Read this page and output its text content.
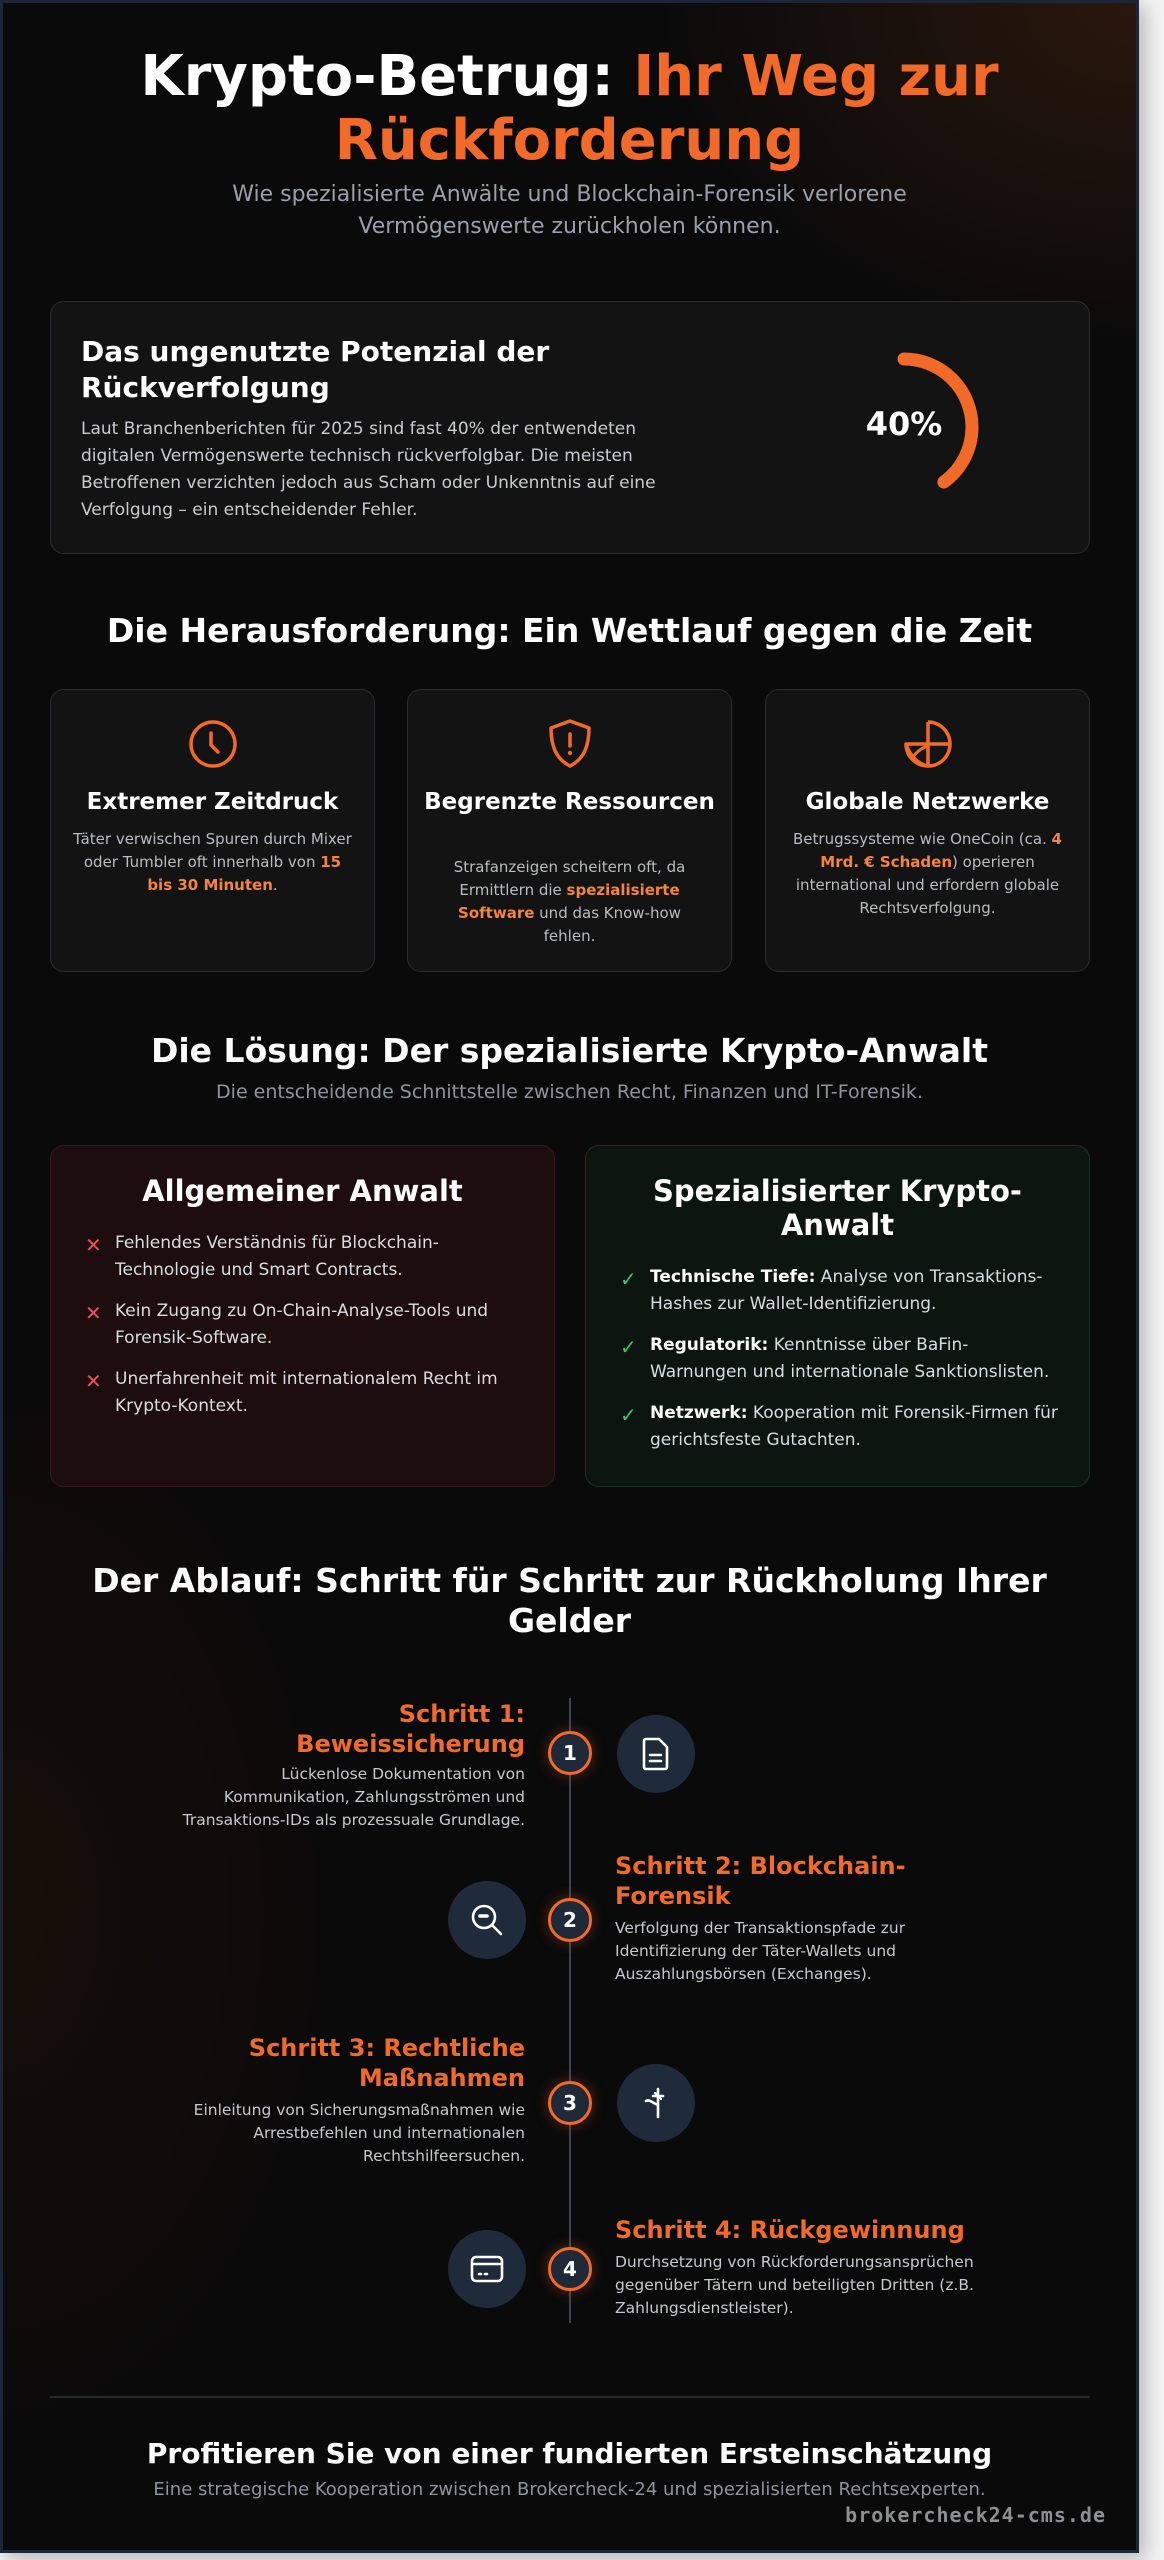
Krypto-Betrug: Ihr Weg zur
Rückforderung
Wie spezialisierte Anwälte und Blockchain-Forensik verlorene
Vermögenswerte zurückholen können.
Das ungenutzte Potenzial der Rückverfolgung
Laut Branchenberichten für 2025 sind fast 40% der entwendeten digitalen Vermögenswerte technisch rückverfolgbar. Die meisten Betroffenen verzichten jedoch aus Scham oder Unkenntnis auf eine Verfolgung – ein entscheidender Fehler.
40%
Die Herausforderung: Ein Wettlauf gegen die Zeit
Extremer Zeitdruck
Täter verwischen Spuren durch Mixer oder Tumbler oft innerhalb von 15 bis 30 Minuten.
Begrenzte Ressourcen
Strafanzeigen scheitern oft, da Ermittlern die spezialisierte Software und das Know-how fehlen.
Globale Netzwerke
Betrugssysteme wie OneCoin (ca. 4 Mrd. € Schaden) operieren international und erfordern globale Rechtsverfolgung.
Die Lösung: Der spezialisierte Krypto-Anwalt
Die entscheidende Schnittstelle zwischen Recht, Finanzen und IT-Forensik.
Allgemeiner Anwalt
✕ Fehlendes Verständnis für Blockchain-Technologie und Smart Contracts.
✕ Kein Zugang zu On-Chain-Analyse-Tools und Forensik-Software.
✕ Unerfahrenheit mit internationalem Recht im Krypto-Kontext.
Spezialisierter Krypto-Anwalt
✓ Technische Tiefe: Analyse von Transaktions-Hashes zur Wallet-Identifizierung.
✓ Regulatorik: Kenntnisse über BaFin-Warnungen und internationale Sanktionslisten.
✓ Netzwerk: Kooperation mit Forensik-Firmen für gerichtsfeste Gutachten.
Der Ablauf: Schritt für Schritt zur Rückholung Ihrer Gelder
Schritt 1: Beweissicherung
Lückenlose Dokumentation von Kommunikation, Zahlungsströmen und Transaktions-IDs als prozessuale Grundlage.
1
2
Schritt 2: Blockchain-Forensik
Verfolgung der Transaktionspfade zur Identifizierung der Täter-Wallets und Auszahlungsbörsen (Exchanges).
Schritt 3: Rechtliche Maßnahmen
Einleitung von Sicherungsmaßnahmen wie Arrestbefehlen und internationalen Rechtshilfeersuchen.
3
4
Schritt 4: Rückgewinnung
Durchsetzung von Rückforderungsansprüchen gegenüber Tätern und beteiligten Dritten (z.B. Zahlungsdienstleister).
Profitieren Sie von einer fundierten Ersteinschätzung
Eine strategische Kooperation zwischen Brokercheck-24 und spezialisierten Rechtsexperten.
brokercheck24-cms.de
